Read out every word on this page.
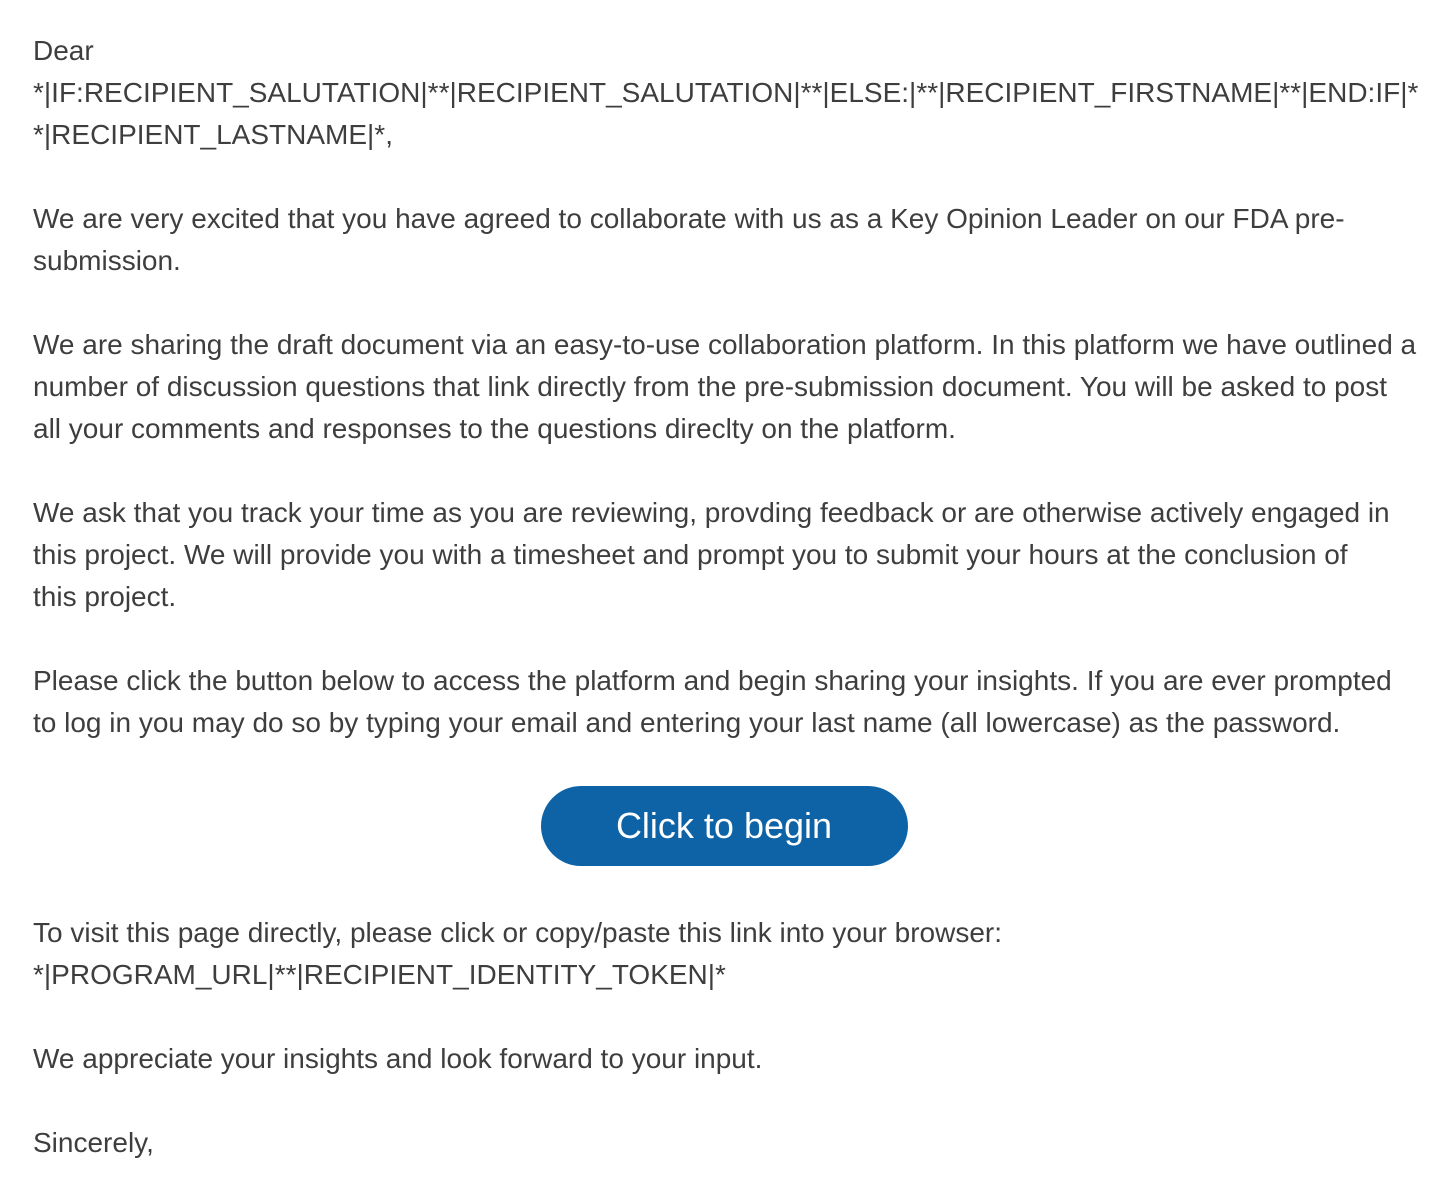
Dear
*|IF:RECIPIENT_SALUTATION|**|RECIPIENT_SALUTATION|**|ELSE:|**|RECIPIENT_FIRSTNAME|**|END:IF|*
*|RECIPIENT_LASTNAME|*,

We are very excited that you have agreed to collaborate with us as a Key Opinion Leader on our FDA pre-
submission.

We are sharing the draft document via an easy-to-use collaboration platform. In this platform we have outlined a
number of discussion questions that link directly from the pre-submission document. You will be asked to post
all your comments and responses to the questions direclty on the platform.

We ask that you track your time as you are reviewing, provding feedback or are otherwise actively engaged in
this project. We will provide you with a timesheet and prompt you to submit your hours at the conclusion of
this project.

Please click the button below to access the platform and begin sharing your insights. If you are ever prompted
to log in you may do so by typing your email and entering your last name (all lowercase) as the password.

Click to begin

To visit this page directly, please click or copy/paste this link into your browser:
*|PROGRAM_URL|**|RECIPIENT_IDENTITY_TOKEN|*

We appreciate your insights and look forward to your input.

Sincerely,
